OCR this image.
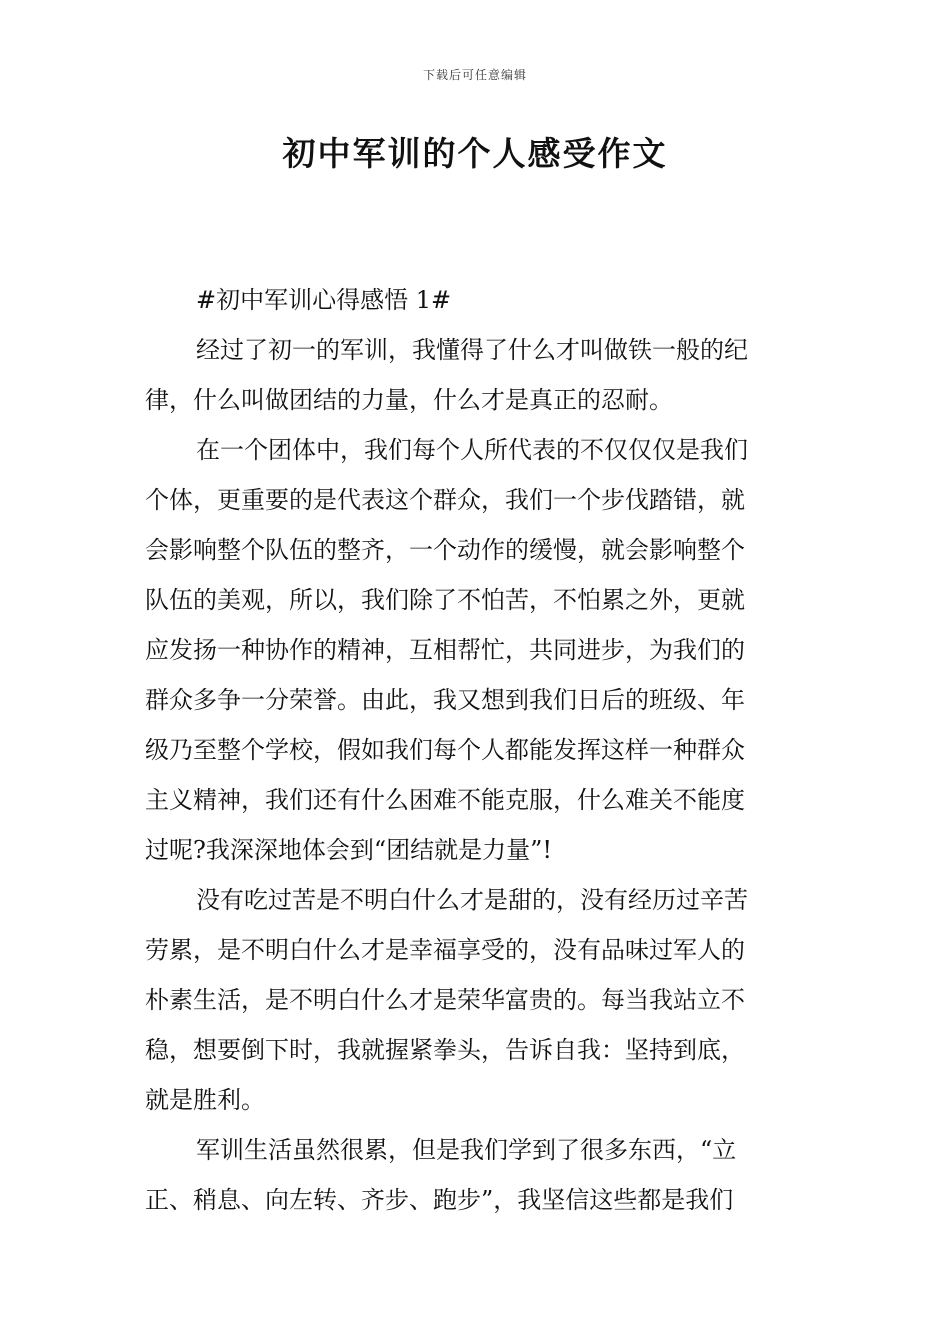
下载后可任意编辑
初中军训的个人感受作文
#初中军训心得感悟 1#
经过了初一的军训，我懂得了什么才叫做铁一般的纪
律，什么叫做团结的力量，什么才是真正的忍耐。
在一个团体中，我们每个人所代表的不仅仅仅是我们
个体，更重要的是代表这个群众，我们一个步伐踏错，就
会影响整个队伍的整齐，一个动作的缓慢，就会影响整个
队伍的美观，所以，我们除了不怕苦，不怕累之外，更就
应发扬一种协作的精神，互相帮忙，共同进步，为我们的
群众多争一分荣誉。由此，我又想到我们日后的班级、年
级乃至整个学校，假如我们每个人都能发挥这样一种群众
主义精神，我们还有什么困难不能克服，什么难关不能度
过呢?我深深地体会到“团结就是力量”!
没有吃过苦是不明白什么才是甜的，没有经历过辛苦
劳累，是不明白什么才是幸福享受的，没有品味过军人的
朴素生活，是不明白什么才是荣华富贵的。每当我站立不
稳，想要倒下时，我就握紧拳头，告诉自我：坚持到底，
就是胜利。
军训生活虽然很累，但是我们学到了很多东西，“立
正、稍息、向左转、齐步、跑步”，我坚信这些都是我们
